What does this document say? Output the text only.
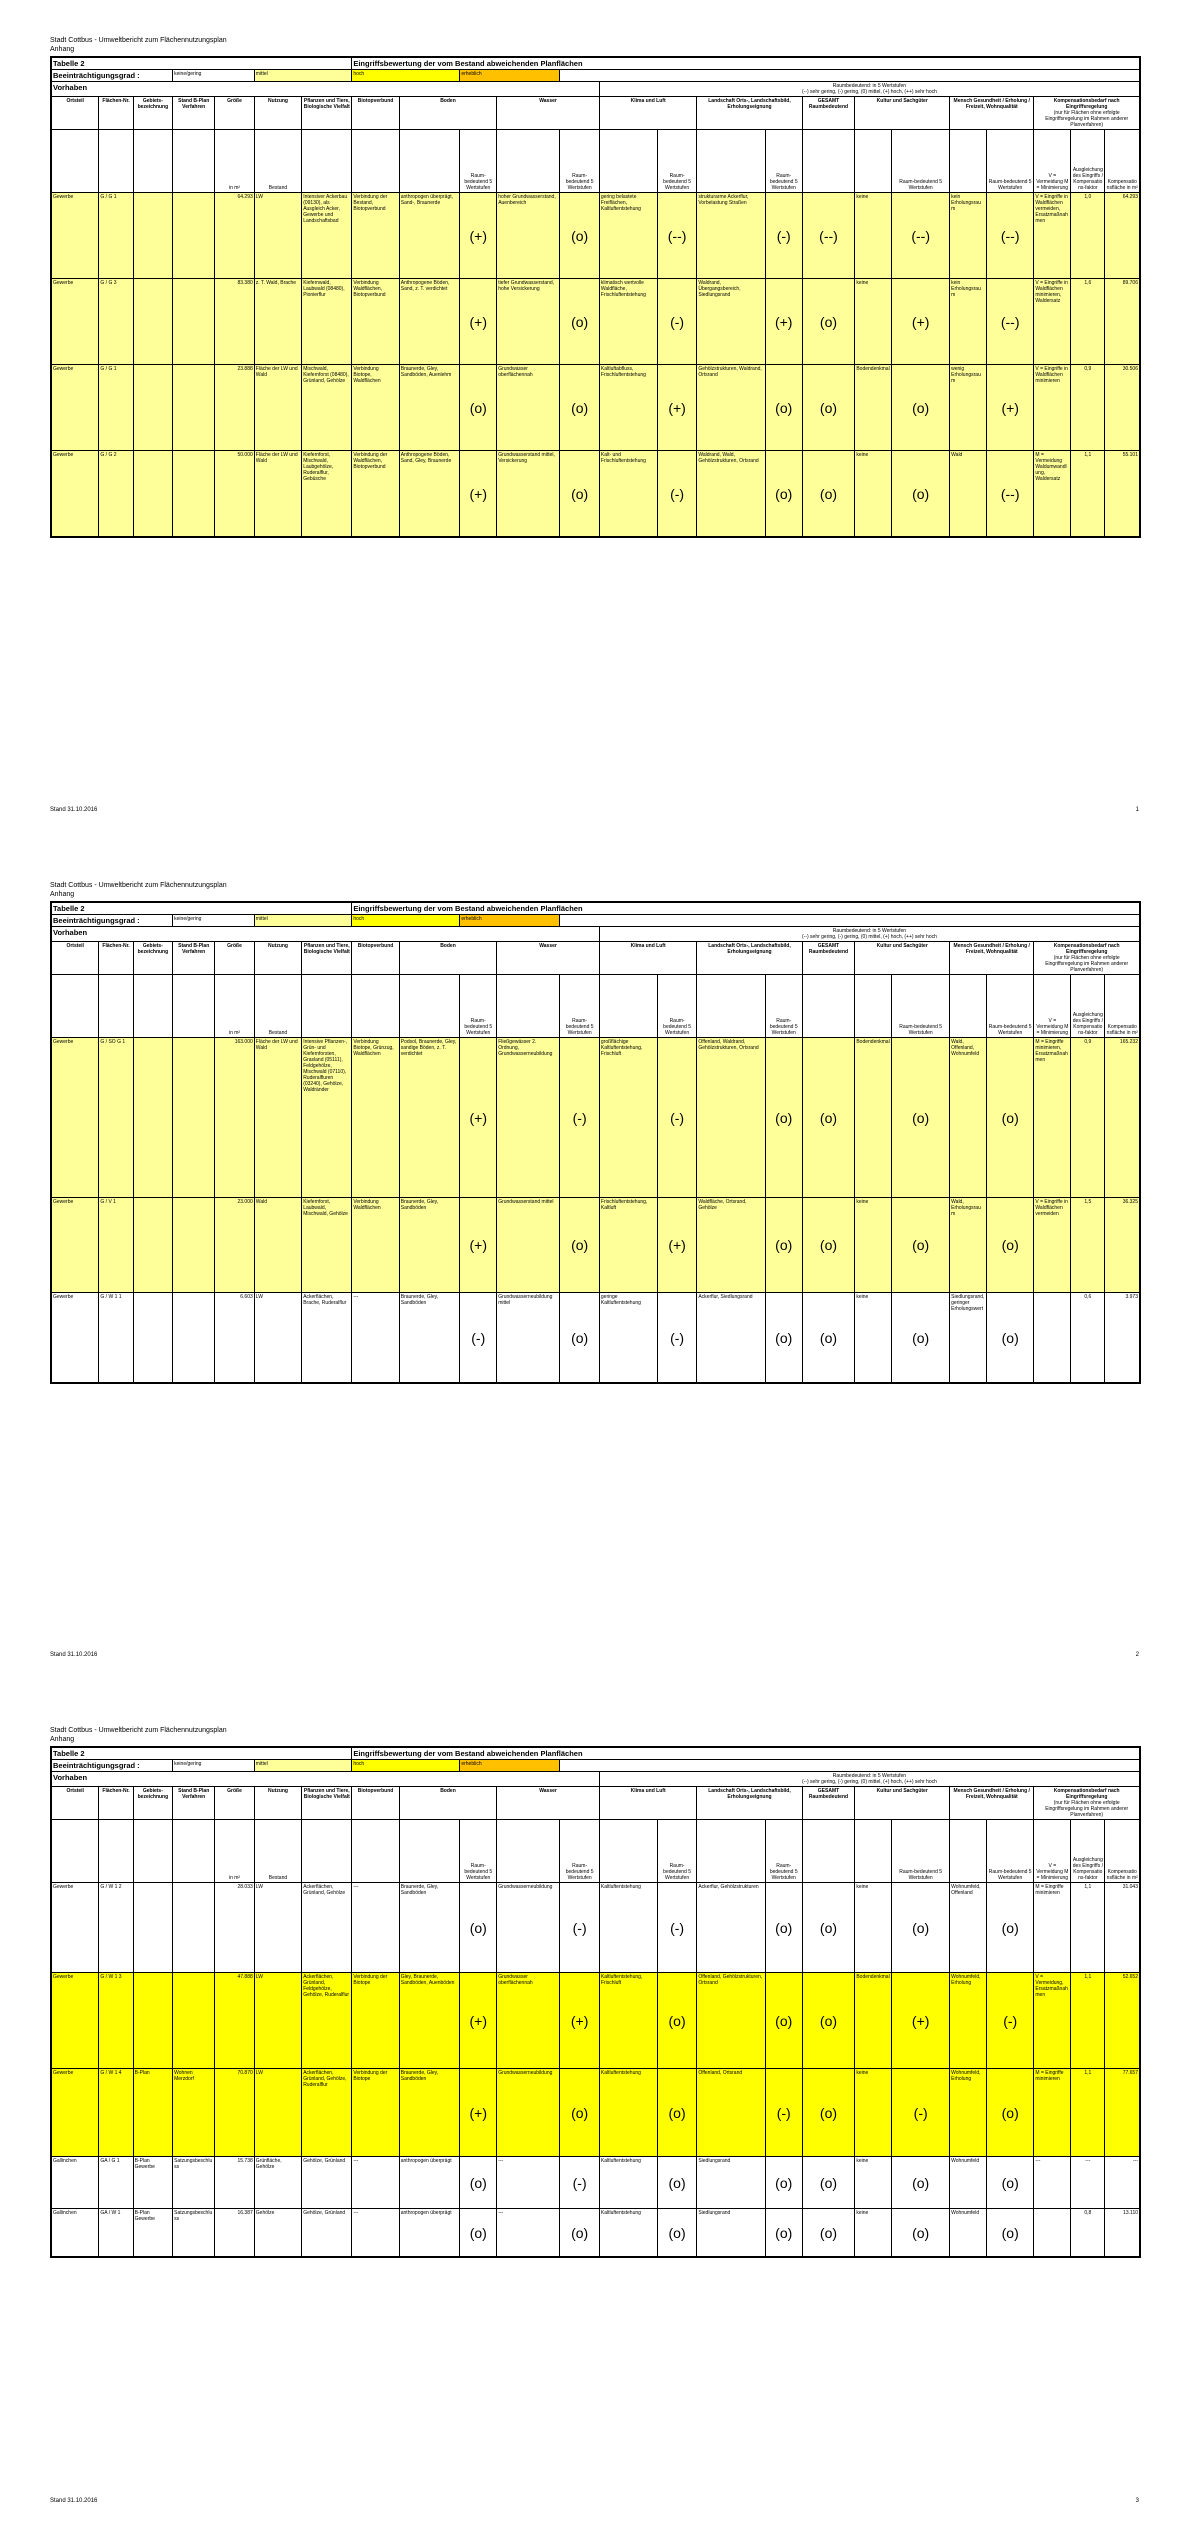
Stadt Cottbus - Umweltbericht zum Flächennutzungsplan
Anhang
Tabelle 2							Eingriffsbewertung der vom Bestand abweichenden Planflächen																
Beeinträchtigungsgrad :			keine/gering		mittel		hoch		erheblich														
Vorhaben												Raumbedeutend: in 5 Wertstufen
(--) sehr gering, (-) gering, (0) mittel, (+) hoch, (++) sehr hoch											

Ortsteil	Flächen-Nr.	Gebiets-bezeichnung	Stand B-Plan Verfahren	Größe	Nutzung	Pflanzen und Tiere, Biologische Vielfalt	Biotopverbund	Boden		Wasser		Klima und Luft		Landschaft Orts-, Landschaftsbild, Erholungseignung		GESAMT Raumbedeutend	Kultur und Sachgüter		Mensch Gesundheit / Erholung / Freizeit, Wohnqualität		Kompensationsbedarf nach Eingriffsregelung
(nur für Flächen ohne erfolgte Eingriffsregelung im Rahmen anderer Planverfahren)		

				in m²	Bestand				Raum-bedeutend 5 Wertstufen		Raum-bedeutend 5 Wertstufen		Raum-bedeutend 5 Wertstufen		Raum-bedeutend 5 Wertstufen			Raum-bedeutend 5 Wertstufen		Raum-bedeutend 5 Wertstufen	V = Vermeidung M = Minimierung	Ausgleichung des Eingriffs / Kompensations-faktor	Kompensationsfläche in m²
Gewerbe	G / G 1			64.293	LW	Intensiver Ackerbau (09130), als Ausgleich Acker, Gewerbe und Landschaftsbad	Verbindung der Bestand, Biotopverbund	anthropogen überprägt, Sand-, Braunerde	(+)	hoher Grundwasserstand, Auenbereich	(o)	gering belastete Freiflächen, Kaltluftentstehung	(--)	strukturarme Ackerflur, Vorbelastung Straßen	(-)	(--)	keine	(--)	kein Erholungsraum	(--)	V = Eingriffe in Waldflächen vermeiden, Ersatzmaßnahmen	1,0	64.293
Gewerbe	G / G 3			83.380	z. T. Wald, Brache	Kiefernwald, Laubwald (08480), Pionierflur	Verbindung Waldflächen, Biotopverbund	Anthropogene Böden, Sand, z. T. verdichtet	(+)	tiefer Grundwasserstand, hohe Versickerung	(o)	klimatisch wertvolle Waldfläche, Frischluftentstehung	(-)	Waldrand, Übergangsbereich, Siedlungsrand	(+)	(o)	keine	(+)	kein Erholungsraum	(--)	V = Eingriffe in Waldflächen minimieren, Waldersatz	1,6	89.706
Gewerbe	G / G 1			23.888	Fläche der LW und Wald	Mischwald, Kiefernforst (08480), Grünland, Gehölze	Verbindung Biotope, Waldflächen	Braunerde, Gley, Sandböden, Auenlehm	(o)	Grundwasser oberflächennah	(o)	Kaltluftabfluss, Frischluftentstehung	(+)	Gehölzstrukturen, Waldrand, Ortsrand	(o)	(o)	Bodendenkmal	(o)	wenig Erholungsraum	(+)	V = Eingriffe in Waldflächen minimieren	0,9	30.506
Gewerbe	G / G 2			50.000	Fläche der LW und Wald	Kiefernforst, Mischwald, Laubgehölze, Ruderalflur, Gebüsche	Verbindung der Waldflächen, Biotopverbund	Anthropogene Böden, Sand, Gley, Braunerde	(+)	Grundwasserstand mittel, Versickerung	(o)	Kalt- und Frischluftentstehung	(-)	Waldrand, Wald, Gehölzstrukturen, Ortsrand	(o)	(o)	keine	(o)	Wald	(--)	M = Vermeidung Waldumwandlung, Waldersatz	1,1	55.101
Stand 31.10.2016	1
Stadt Cottbus - Umweltbericht zum Flächennutzungsplan
Anhang
Tabelle 2							Eingriffsbewertung der vom Bestand abweichenden Planflächen																
Beeinträchtigungsgrad :			keine/gering		mittel		hoch		erheblich														
Vorhaben												Raumbedeutend: in 5 Wertstufen
(--) sehr gering, (-) gering, (0) mittel, (+) hoch, (++) sehr hoch											

Ortsteil	Flächen-Nr.	Gebiets-bezeichnung	Stand B-Plan Verfahren	Größe	Nutzung	Pflanzen und Tiere, Biologische Vielfalt	Biotopverbund	Boden		Wasser		Klima und Luft		Landschaft Orts-, Landschaftsbild, Erholungseignung		GESAMT Raumbedeutend	Kultur und Sachgüter		Mensch Gesundheit / Erholung / Freizeit, Wohnqualität		Kompensationsbedarf nach Eingriffsregelung
(nur für Flächen ohne erfolgte Eingriffsregelung im Rahmen anderer Planverfahren)		

				in m²	Bestand				Raum-bedeutend 5 Wertstufen		Raum-bedeutend 5 Wertstufen		Raum-bedeutend 5 Wertstufen		Raum-bedeutend 5 Wertstufen			Raum-bedeutend 5 Wertstufen		Raum-bedeutend 5 Wertstufen	V = Vermeidung M = Minimierung	Ausgleichung des Eingriffs / Kompensations-faktor	Kompensationsfläche in m²
Gewerbe	G / SO G 1			163.000	Fläche der LW und Wald	Intensive Pflanzen-, Grün- und Kiefernforsten, Grasland (05111), Feldgehölze, Mischwald (07110), Ruderalfluren (03240), Gehölze, Waldränder	Verbindung Biotope, Grünzug, Waldflächen	Podsol, Braunerde, Gley, sandige Böden, z. T. verdichtet	(+)	Fließgewässer 2. Ordnung, Grundwasserneubildung	(-)	großflächige Kaltluftentstehung, Frischluft	(-)	Offenland, Waldrand, Gehölzstrukturen, Ortsrand	(o)	(o)	Bodendenkmal	(o)	Wald, Offenland, Wohnumfeld	(o)	M = Eingriffe minimieren, Ersatzmaßnahmen	0,9	165.232
Gewerbe	G / V 1			23.000	Wald	Kiefernforst, Laubwald, Mischwald, Gehölze	Verbindung Waldflächen	Braunerde, Gley, Sandböden	(+)	Grundwasserstand mittel	(o)	Frischluftentstehung, Kaltluft	(+)	Waldfläche, Ortsrand, Gehölze	(o)	(o)	keine	(o)	Wald, Erholungsraum	(o)	V = Eingriffe in Waldflächen vermeiden	1,5	36.325
Gewerbe	G / W 1 1			6.603	LW	Ackerflächen, Brache, Ruderalflur	---	Braunerde, Gley, Sandböden	(-)	Grundwasserneubildung mittel	(o)	geringe Kaltluftentstehung	(-)	Ackerflur, Siedlungsrand	(o)	(o)	keine	(o)	Siedlungsrand, geringer Erholungswert	(o)		0,6	3.973
Stand 31.10.2016	2
Stadt Cottbus - Umweltbericht zum Flächennutzungsplan
Anhang
Tabelle 2							Eingriffsbewertung der vom Bestand abweichenden Planflächen																
Beeinträchtigungsgrad :			keine/gering		mittel		hoch		erheblich														
Vorhaben												Raumbedeutend: in 5 Wertstufen
(--) sehr gering, (-) gering, (0) mittel, (+) hoch, (++) sehr hoch											

Ortsteil	Flächen-Nr.	Gebiets-bezeichnung	Stand B-Plan Verfahren	Größe	Nutzung	Pflanzen und Tiere, Biologische Vielfalt	Biotopverbund	Boden		Wasser		Klima und Luft		Landschaft Orts-, Landschaftsbild, Erholungseignung		GESAMT Raumbedeutend	Kultur und Sachgüter		Mensch Gesundheit / Erholung / Freizeit, Wohnqualität		Kompensationsbedarf nach Eingriffsregelung
(nur für Flächen ohne erfolgte Eingriffsregelung im Rahmen anderer Planverfahren)		

				in m²	Bestand				Raum-bedeutend 5 Wertstufen		Raum-bedeutend 5 Wertstufen		Raum-bedeutend 5 Wertstufen		Raum-bedeutend 5 Wertstufen			Raum-bedeutend 5 Wertstufen		Raum-bedeutend 5 Wertstufen	V = Vermeidung M = Minimierung	Ausgleichung des Eingriffs / Kompensations-faktor	Kompensationsfläche in m²
Gewerbe	G / W 1 2			28.033	LW	Ackerflächen, Grünland, Gehölze	---	Braunerde, Gley, Sandböden	(o)	Grundwasserneubildung	(-)	Kaltluftentstehung	(-)	Ackerflur, Gehölzstrukturen	(o)	(o)	keine	(o)	Wohnumfeld, Offenland	(o)	M = Eingriffe minimieren	1,1	31.043
Gewerbe	G / W 1 3			47.888	LW	Ackerflächen, Grünland, Feldgehölze, Gehölze, Ruderalflur	Verbindung der Biotope	Gley, Braunerde, Sandböden, Auenböden	(+)	Grundwasser oberflächennah	(+)	Kaltluftentstehung, Frischluft	(o)	Offenland, Gehölzstrukturen, Ortsrand	(o)	(o)	Bodendenkmal	(+)	Wohnumfeld, Erholung	(-)	V = Vermeidung, Ersatzmaßnahmen	1,1	52.652
Gewerbe	G / W 1 4	B-Plan	Wohnen Merzdorf	70.870	LW	Ackerflächen, Grünland, Gehölze, Ruderalflur	Verbindung der Biotope	Braunerde, Gley, Sandböden	(+)	Grundwasserneubildung	(o)	Kaltluftentstehung	(o)	Offenland, Ortsrand	(-)	(o)	keine	(-)	Wohnumfeld, Erholung	(o)	M = Eingriffe minimieren	1,1	77.657
Gallinchen	GA / G 1	B-Plan Gewerbe	Satzungsbeschluss	15.738	Grünfläche, Gehölze	Gehölze, Grünland	---	anthropogen überprägt	(o)	---	(-)	Kaltluftentstehung	(o)	Siedlungsrand	(o)	(o)	keine	(o)	Wohnumfeld	(o)	---	---	---
Gallinchen	GA / W 1	B-Plan Gewerbe	Satzungsbeschluss	16.387	Gehölze	Gehölze, Grünland	---	anthropogen überprägt	(o)	---	(o)	Kaltluftentstehung	(o)	Siedlungsrand	(o)	(o)	keine	(o)	Wohnumfeld	(o)		0,8	13.110
Stand 31.10.2016	3
